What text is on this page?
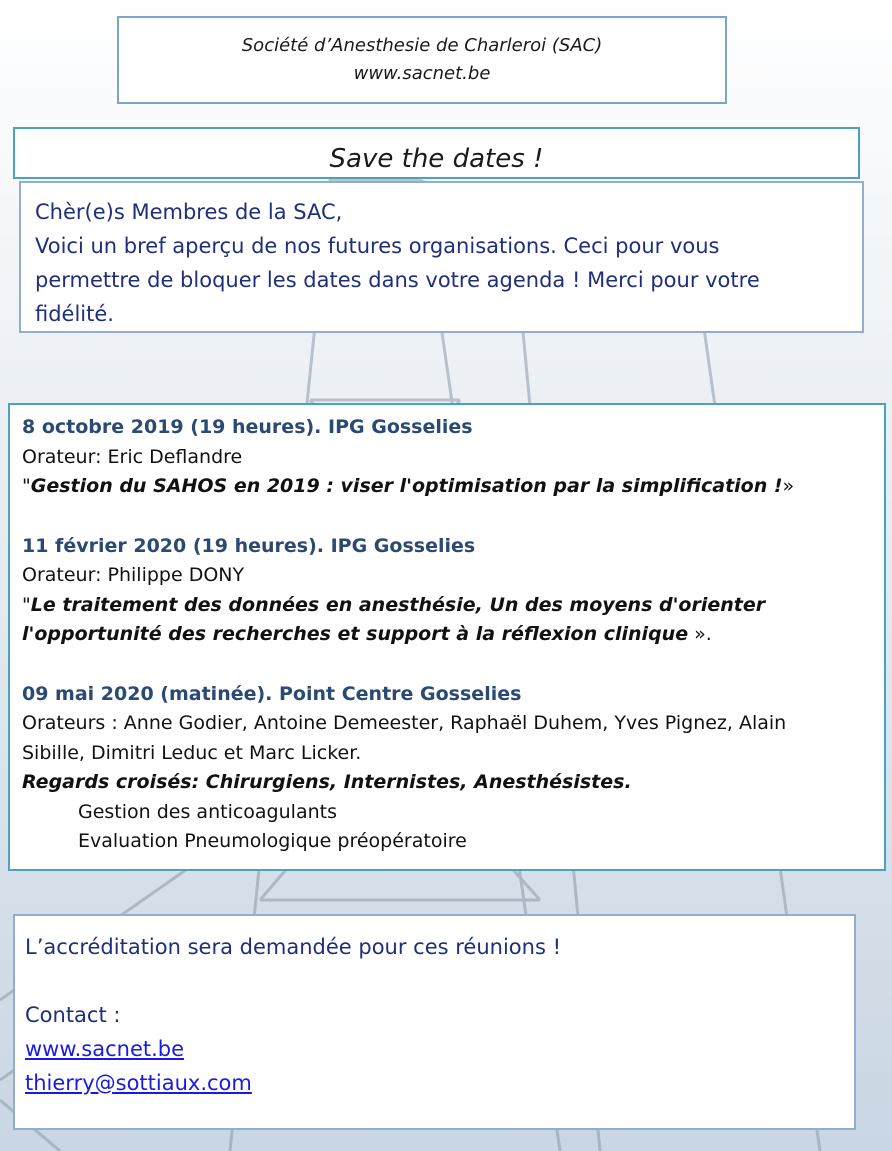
Société d’Anesthesie de Charleroi (SAC)
www.sacnet.be
Save the dates !
Chèr(e)s Membres de la SAC,
Voici un bref aperçu de nos futures organisations. Ceci pour vous
permettre de bloquer les dates dans votre agenda ! Merci pour votre
fidélité.
8 octobre 2019 (19 heures). IPG Gosselies
Orateur: Eric Deflandre
"Gestion du SAHOS en 2019 : viser l'optimisation par la simplification !»
11 février 2020 (19 heures). IPG Gosselies
Orateur: Philippe DONY
"Le traitement des données en anesthésie, Un des moyens d'orienter
l'opportunité des recherches et support à la réflexion clinique ».
09 mai 2020 (matinée). Point Centre Gosselies
Orateurs : Anne Godier, Antoine Demeester, Raphaël Duhem, Yves Pignez, Alain
Sibille, Dimitri Leduc et Marc Licker.
Regards croisés: Chirurgiens, Internistes, Anesthésistes.
Gestion des anticoagulants
Evaluation Pneumologique préopératoire
L’accréditation sera demandée pour ces réunions !
Contact :
www.sacnet.be
thierry@sottiaux.com
